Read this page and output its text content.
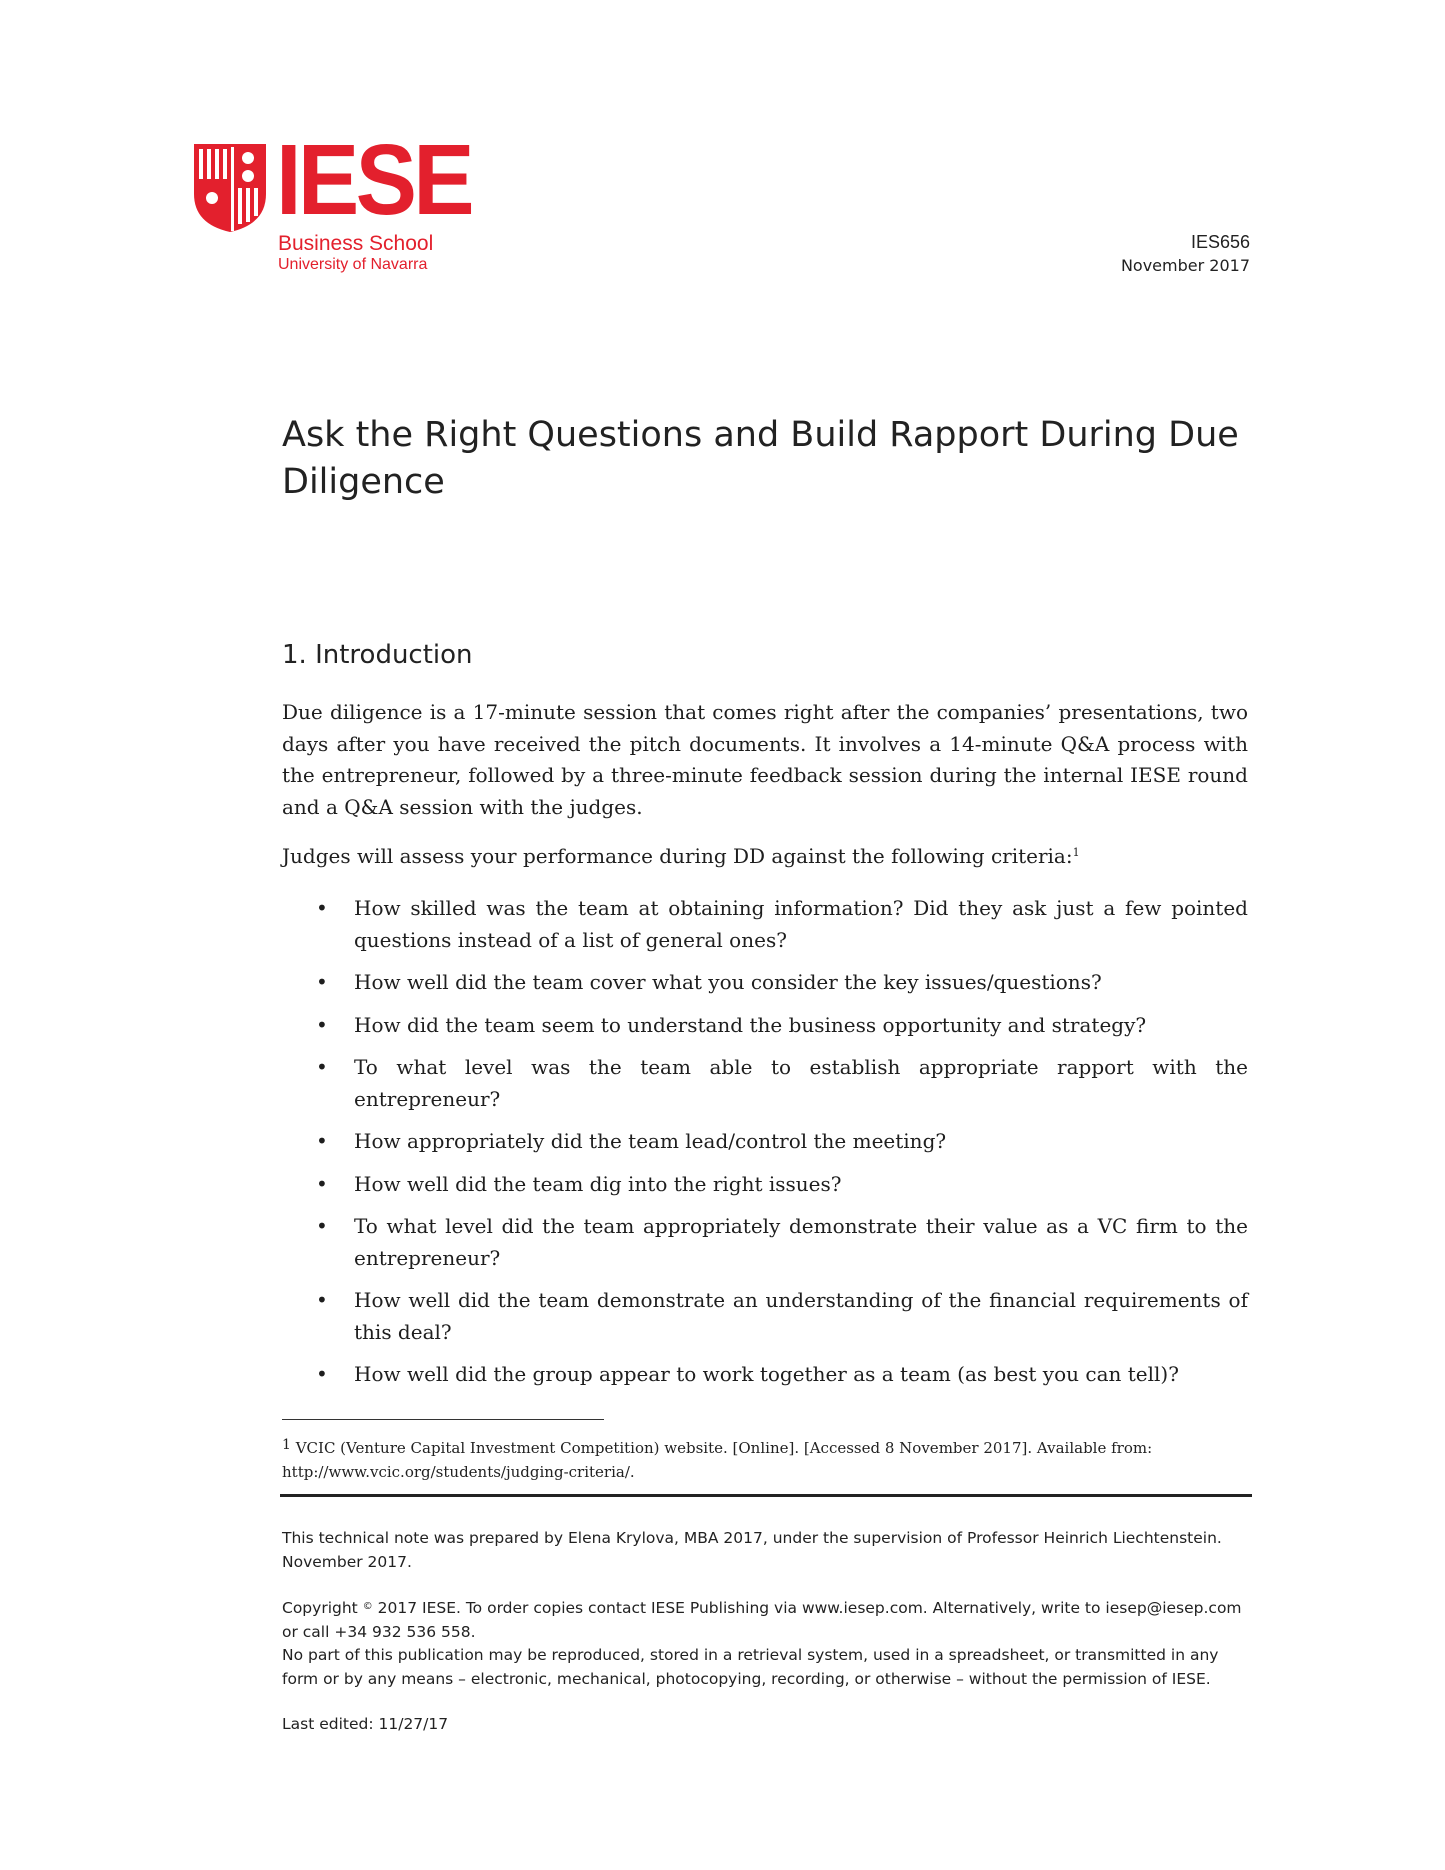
IESE
Business School
University of Navarra
IES656
November 2017
Ask the Right Questions and Build Rapport During Due Diligence
1. Introduction

Due diligence is a 17-minute session that comes right after the companies’ presentations, two days after you have received the pitch documents. It involves a 14-minute Q&A process with the entrepreneur, followed by a three-minute feedback session during the internal IESE round and a Q&A session with the judges.

Judges will assess your performance during DD against the following criteria:$^1$

• How skilled was the team at obtaining information? Did they ask just a few pointed questions instead of a list of general ones?
• How well did the team cover what you consider the key issues/questions?
• How did the team seem to understand the business opportunity and strategy?
• To what level was the team able to establish appropriate rapport with the entrepreneur?
• How appropriately did the team lead/control the meeting?
• How well did the team dig into the right issues?
• To what level did the team appropriately demonstrate their value as a VC firm to the entrepreneur?
• How well did the team demonstrate an understanding of the financial requirements of this deal?
• How well did the group appear to work together as a team (as best you can tell)?

$^1$ VCIC (Venture Capital Investment Competition) website. [Online]. [Accessed 8 November 2017]. Available from: http://www.vcic.org/students/judging-criteria/.

This technical note was prepared by Elena Krylova, MBA 2017, under the supervision of Professor Heinrich Liechtenstein. November 2017.

Copyright © 2017 IESE. To order copies contact IESE Publishing via www.iesep.com. Alternatively, write to iesep@iesep.com or call +34 932 536 558.

No part of this publication may be reproduced, stored in a retrieval system, used in a spreadsheet, or transmitted in any form or by any means – electronic, mechanical, photocopying, recording, or otherwise – without the permission of IESE.

Last edited: 11/27/17
